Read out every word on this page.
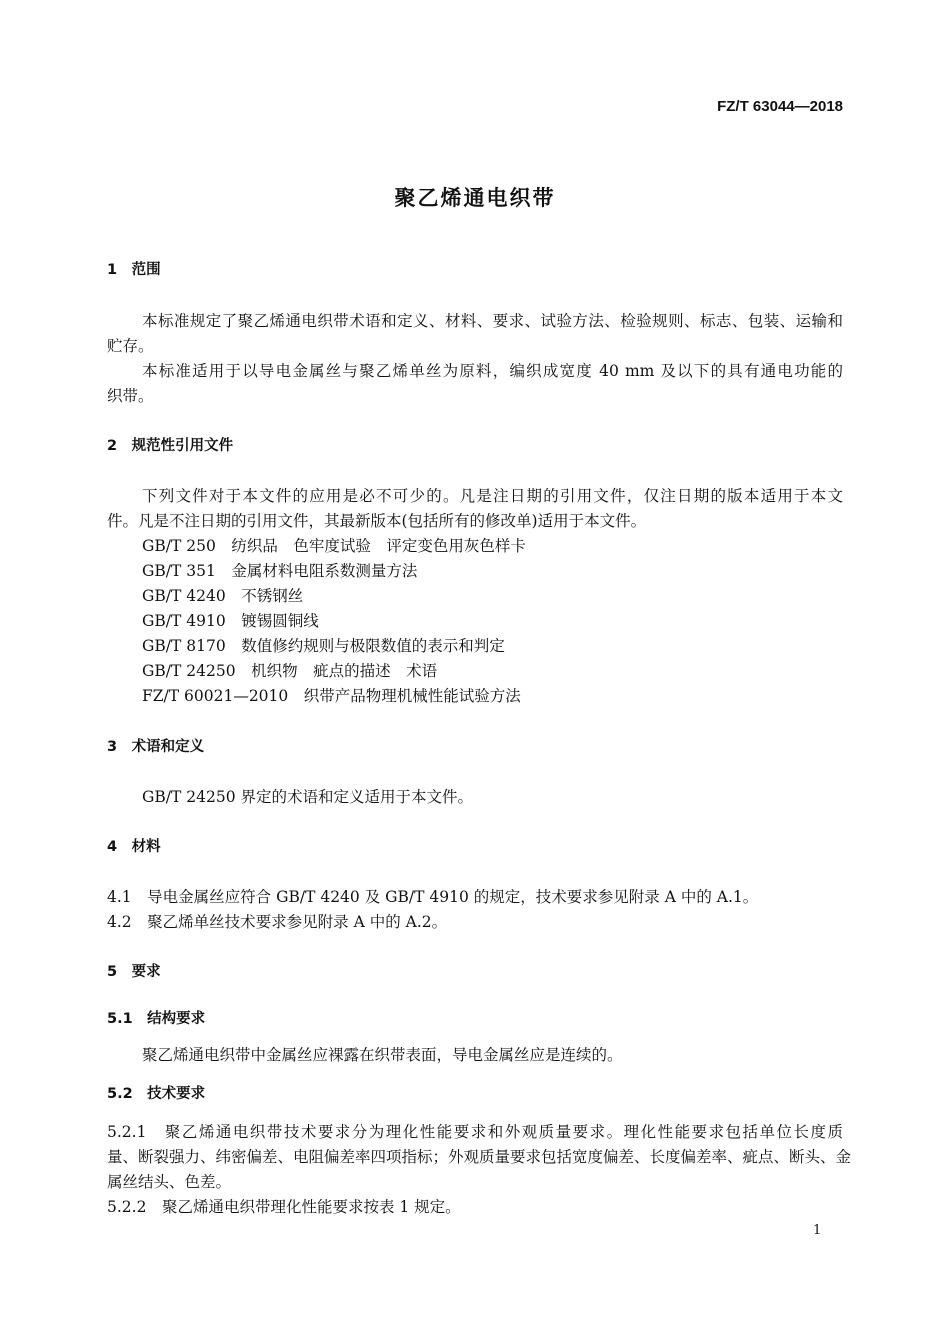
FZ/T 63044—2018
聚乙烯通电织带
1　范围
本标准规定了聚乙烯通电织带术语和定义、材料、要求、试验方法、检验规则、标志、包装、运输和
贮存。
本标准适用于以导电金属丝与聚乙烯单丝为原料，编织成宽度 40 mm 及以下的具有通电功能的
织带。
2　规范性引用文件
下列文件对于本文件的应用是必不可少的。凡是注日期的引用文件，仅注日期的版本适用于本文
件。凡是不注日期的引用文件，其最新版本(包括所有的修改单)适用于本文件。
GB/T 250　纺织品　色牢度试验　评定变色用灰色样卡
GB/T 351　金属材料电阻系数测量方法
GB/T 4240　不锈钢丝
GB/T 4910　镀锡圆铜线
GB/T 8170　数值修约规则与极限数值的表示和判定
GB/T 24250　机织物　疵点的描述　术语
FZ/T 60021—2010　织带产品物理机械性能试验方法
3　术语和定义
GB/T 24250 界定的术语和定义适用于本文件。
4　材料
4.1　导电金属丝应符合 GB/T 4240 及 GB/T 4910 的规定，技术要求参见附录 A 中的 A.1。
4.2　聚乙烯单丝技术要求参见附录 A 中的 A.2。
5　要求
5.1　结构要求
聚乙烯通电织带中金属丝应裸露在织带表面，导电金属丝应是连续的。
5.2　技术要求
5.2.1　聚乙烯通电织带技术要求分为理化性能要求和外观质量要求。理化性能要求包括单位长度质
量、断裂强力、纬密偏差、电阻偏差率四项指标；外观质量要求包括宽度偏差、长度偏差率、疵点、断头、金
属丝结头、色差。
5.2.2　聚乙烯通电织带理化性能要求按表 1 规定。
1
